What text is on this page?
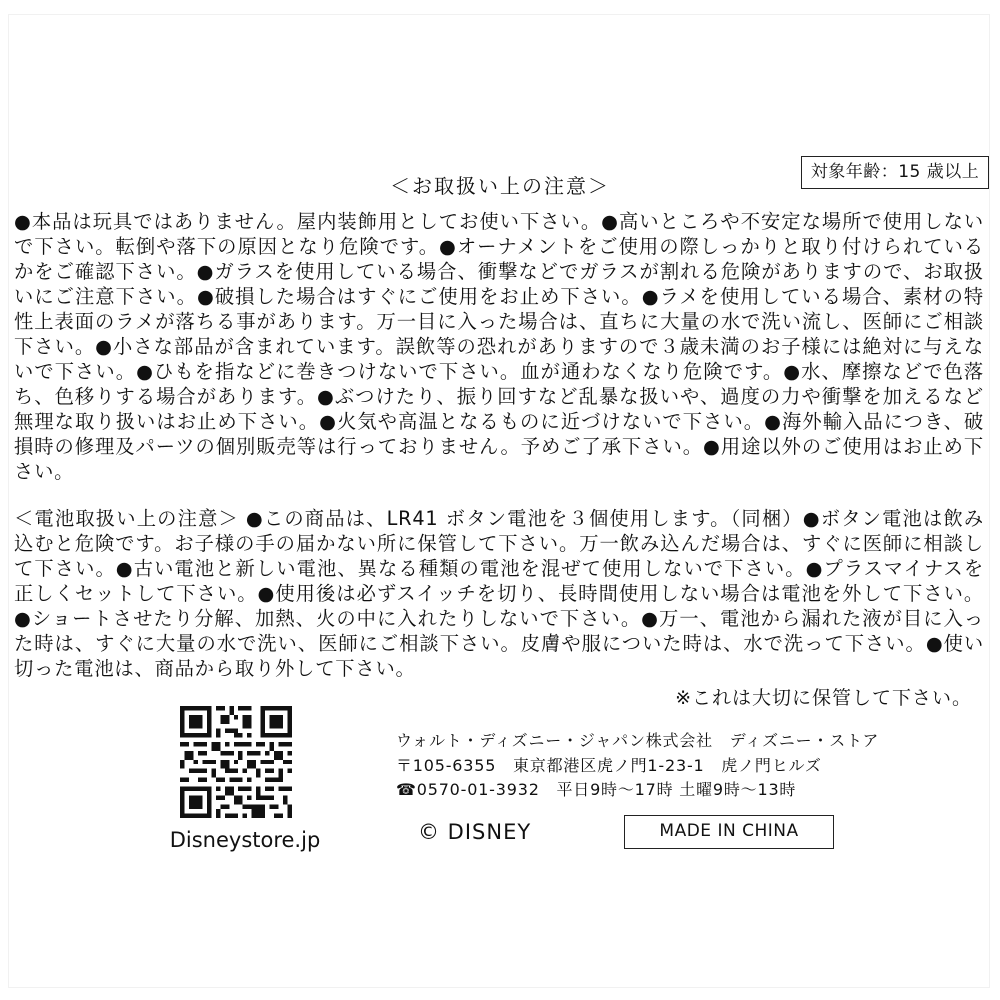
対象年齢：15 歳以上
＜お取扱い上の注意＞

●本品は玩具ではありません。屋内装飾用としてお使い下さい。●高いところや不安定な場所で使用しないで下さい。転倒や落下の原因となり危険です。●オーナメントをご使用の際しっかりと取り付けられているかをご確認下さい。●ガラスを使用している場合、衝撃などでガラスが割れる危険がありますので、お取扱いにご注意下さい。●破損した場合はすぐにご使用をお止め下さい。●ラメを使用している場合、素材の特性上表面のラメが落ちる事があります。万一目に入った場合は、直ちに大量の水で洗い流し、医師にご相談下さい。●小さな部品が含まれています。誤飲等の恐れがありますので３歳未満のお子様には絶対に与えないで下さい。●ひもを指などに巻きつけないで下さい。血が通わなくなり危険です。●水、摩擦などで色落ち、色移りする場合があります。●ぶつけたり、振り回すなど乱暴な扱いや、過度の力や衝撃を加えるなど無理な取り扱いはお止め下さい。●火気や高温となるものに近づけないで下さい。●海外輸入品につき、破損時の修理及パーツの個別販売等は行っておりません。予めご了承下さい。●用途以外のご使用はお止め下さい。

＜電池取扱い上の注意＞ ●この商品は、LR41 ボタン電池を３個使用します。（同梱）●ボタン電池は飲み込むと危険です。お子様の手の届かない所に保管して下さい。万一飲み込んだ場合は、すぐに医師に相談して下さい。●古い電池と新しい電池、異なる種類の電池を混ぜて使用しないで下さい。●プラスマイナスを正しくセットして下さい。●使用後は必ずスイッチを切り、長時間使用しない場合は電池を外して下さい。●ショートさせたり分解、加熱、火の中に入れたりしないで下さい。●万一、電池から漏れた液が目に入った時は、すぐに大量の水で洗い、医師にご相談下さい。皮膚や服についた時は、水で洗って下さい。●使い切った電池は、商品から取り外して下さい。

※これは大切に保管して下さい。
Disneystore.jp
ウォルト・ディズニー・ジャパン株式会社　ディズニー・ストア
〒105-6355　東京都港区虎ノ門1-23-1　虎ノ門ヒルズ
☎0570-01-3932　平日9時～17時 土曜9時～13時
© DISNEY	MADE IN CHINA
